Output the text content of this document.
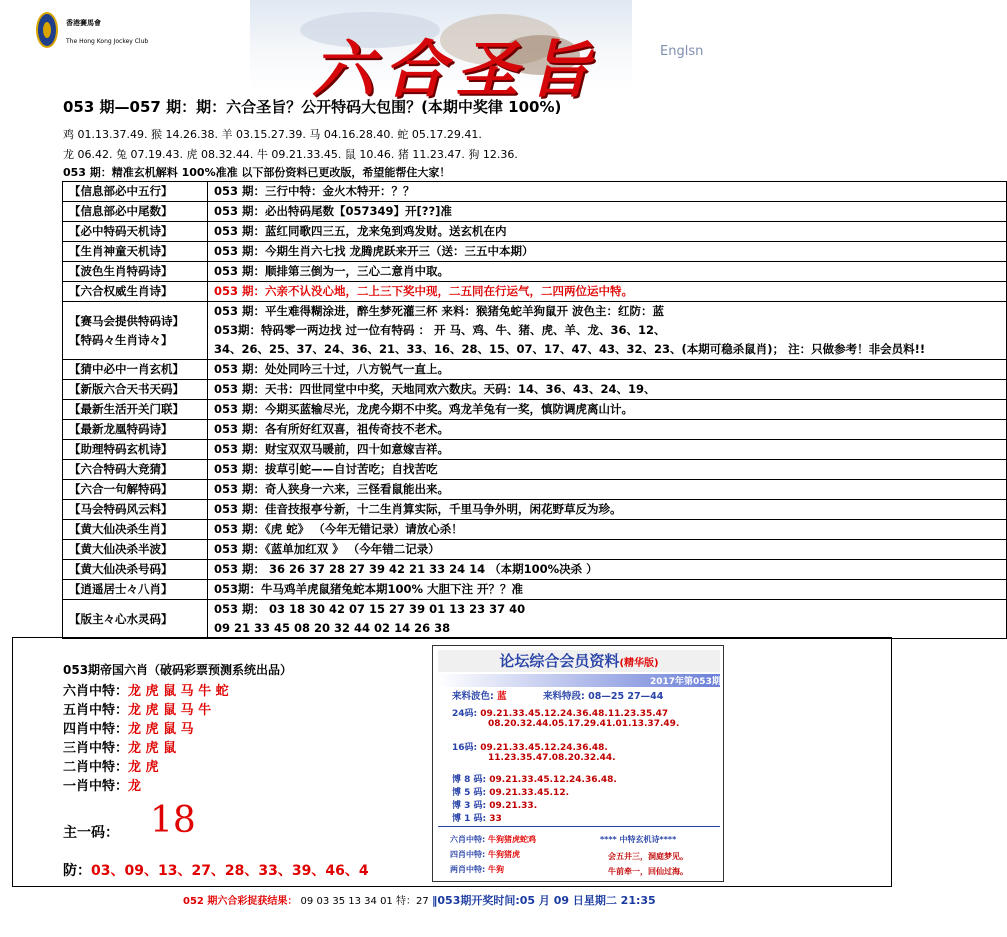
香港賽馬會
The Hong Kong Jockey Club	六合圣旨	Englsn
053 期—057 期：期：六合圣旨？公开特码大包围？(本期中奖律 100%)
鸡 01.13.37.49. 猴 14.26.38. 羊 03.15.27.39. 马 04.16.28.40. 蛇 05.17.29.41.
龙 06.42. 兔 07.19.43. 虎 08.32.44. 牛 09.21.33.45. 鼠 10.46. 猪 11.23.47. 狗 12.36.
053 期：精准玄机解料 100%准准 以下部份资料已更改版，希望能帮住大家！
【信息部必中五行】	053 期：三行中特：金火木特开：？？

【信息部必中尾数】	053 期：必出特码尾数【057349】开[??]准

【必中特码天机诗】	053 期：蓝红同歌四三五，龙来兔到鸡发财。送玄机在内

【生肖神童天机诗】	053 期：今期生肖六七找 龙腾虎跃来开三（送：三五中本期）

【波色生肖特码诗】	053 期：顺排第三倒为一，三心二意肖中取。

【六合权威生肖诗】	053 期：六亲不认没心地，二上三下奖中现，二五同在行运气，二四两位运中特。

【赛马会提供特码诗】
【特码々生肖诗々】	053 期：平生难得糊涂进，醉生梦死灌三杯 来料：猴猪兔蛇羊狗鼠开 波色主：红防：蓝
053期：特码零一两边找 过一位有特码 ： 开 马、鸡、牛、猪、虎、羊、龙、36、12、
34、26、25、37、24、36、21、33、16、28、15、07、17、47、43、32、23、(本期可稳杀鼠肖)； 注：只做参考！非会员料!!

【猜中必中一肖玄机】	053 期：处处同吟三十过，八方锐气一直上。

【新版六合天书天码】	053 期：天书：四世同堂中中奖，天地同欢六数庆。天码：14、36、43、24、19、

【最新生活开关门联】	053 期：今期买蓝输尽光，龙虎今期不中奖。鸡龙羊兔有一奖，慎防调虎离山计。

【最新龙凰特码诗】	053 期：各有所好红双喜，祖传奇技不老术。

【助理特码玄机诗】	053 期：财宝双双马暖前，四十如意嫁吉祥。

【六合特码大竞猜】	053 期：拔草引蛇——自讨苦吃；自找苦吃

【六合一句解特码】	053 期：奇人狭身一六来，三怪看鼠能出来。

【马会特码风云料】	053 期：佳音技报亭兮新，十二生肖算实际，千里马争外明，闲花野草反为珍。

【黄大仙决杀生肖】	053 期：《虎 蛇》 （今年无错记录）请放心杀！

【黄大仙决杀半波】	053 期：《蓝单加红双 》 （今年错二记录）

【黄大仙决杀号码】	053 期： 36 26 37 28 27 39 42 21 33 24 14 （本期100%决杀 ）

【逍遥居士々八肖】	053期：牛马鸡羊虎鼠猪兔蛇本期100% 大胆下注 开？？准

【版主々心水灵码】	053 期： 03 18 30 42 07 15 27 39 01 13 23 37 40
09 21 33 45 08 20 32 44 02 14 26 38
053期帝国六肖（破码彩票预测系统出品）
六肖中特：龙 虎 鼠 马 牛 蛇
五肖中特：龙 虎 鼠 马 牛
四肖中特：龙 虎 鼠 马
三肖中特：龙 虎 鼠
二肖中特：龙 虎
一肖中特：龙
主一码： 18
防：03、09、13、27、28、33、39、46、4
052 期六合彩捉获结果： 09 03 35 13 34 01 特：27 ‖053期开奖时间:05 月 09 日星期二 21:35
论坛综合会员资料(精华版)
2017年第053期
来料波色: 蓝	来料特段: 08—25 27—44
24码: 09.21.33.45.12.24.36.48.11.23.35.47
08.20.32.44.05.17.29.41.01.13.37.49.
16码: 09.21.33.45.12.24.36.48.
11.23.35.47.08.20.32.44.
博 8 码: 09.21.33.45.12.24.36.48.
博 5 码: 09.21.33.45.12.
博 3 码: 09.21.33.
博 1 码: 33
六肖中特: 牛狗猪虎蛇鸡	**** 中特玄机诗****
四肖中特: 牛狗猪虎	会五井三，洞庭梦见。
两肖中特: 牛狗	牛前牵一，回仙过海。
